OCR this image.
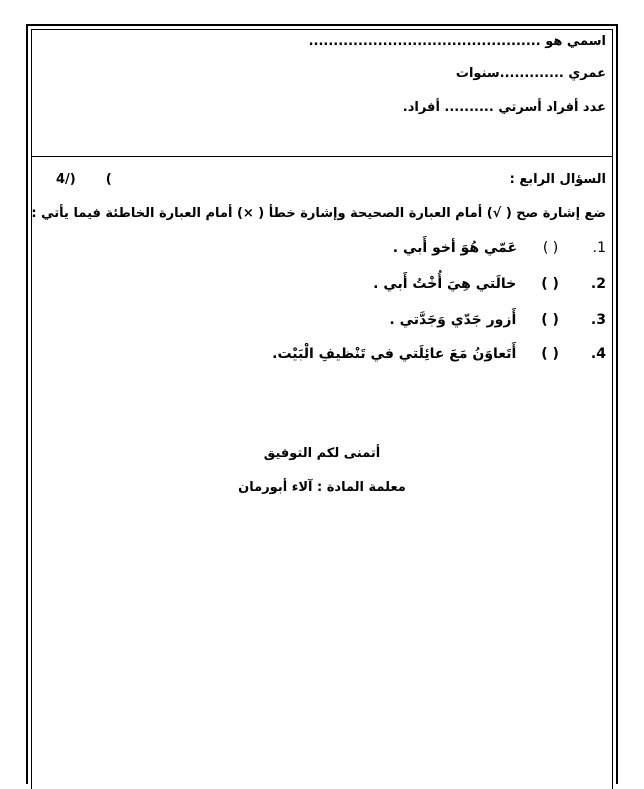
اسمي هو ...............................................
عمري .............سنوات
عدد أفراد أسرتي .......... أفراد.
السؤال الرابع :
4/) (
ضع إشارة صح ( √) أمام العبارة الصحيحة وإشارة خطأ ( ×) أمام العبارة الخاطئة فيما يأتي :
1. ( ) عَمّي هُوَ أخو أَبي .
2. ( ) خالَتي هِيَ أُخْتُ أَبي .
3. ( ) أَزور جَدّي وَجَدَّتي .
4. ( ) أَتَعاوَنُ مَعَ عائِلَتي في تَنْظيفِ الْبَيْت.
أتمنى لكم التوفيق
معلمة المادة : آلاء أبورمان
